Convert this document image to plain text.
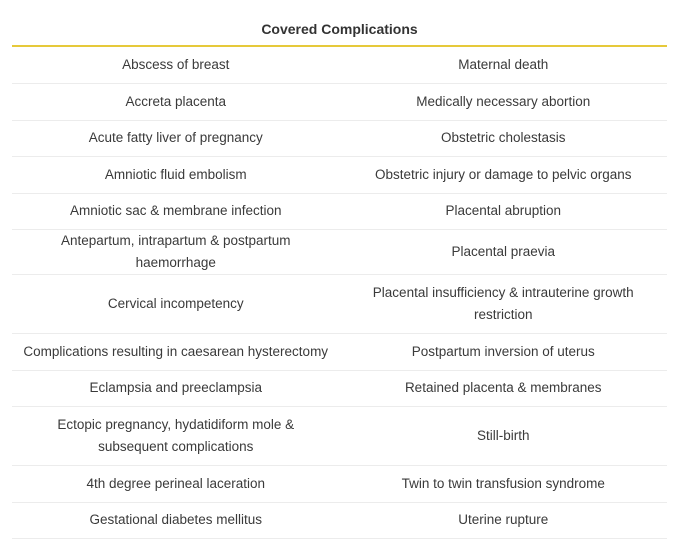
Covered Complications
Abscess of breast	Maternal death
Accreta placenta	Medically necessary abortion
Acute fatty liver of pregnancy	Obstetric cholestasis
Amniotic fluid embolism	Obstetric injury or damage to pelvic organs
Amniotic sac & membrane infection	Placental abruption
Antepartum, intrapartum & postpartum haemorrhage	Placental praevia
Cervical incompetency	Placental insufficiency & intrauterine growth restriction
Complications resulting in caesarean hysterectomy	Postpartum inversion of uterus
Eclampsia and preeclampsia	Retained placenta & membranes
Ectopic pregnancy, hydatidiform mole & subsequent complications	Still-birth
4th degree perineal laceration	Twin to twin transfusion syndrome
Gestational diabetes mellitus	Uterine rupture
